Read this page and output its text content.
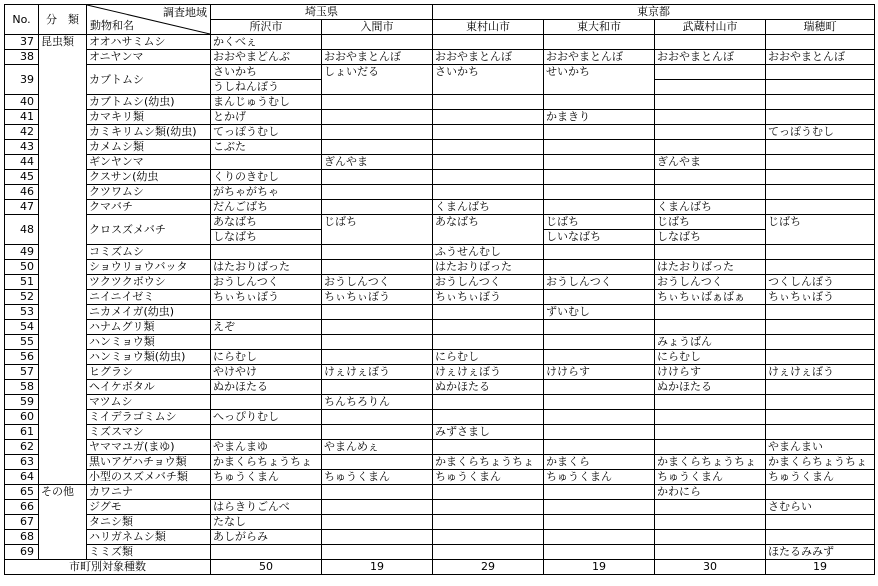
No.	分　類	調査地域
動物和名	埼玉県		東京都			
			所沢市	入間市	東村山市	東大和市	武蔵村山市	瑞穂町
37	昆虫類	オオハサミムシ	かくべぇ					
38		オニヤンマ	おおやまどんぶ	おおやまとんぼ	おおやまとんぼ	おおやまとんぼ	おおやまとんぼ	おおやまとんぼ
39		カブトムシ	さいかち	しょいだる	さいかち	せいかち		
			うしねんぼう					
40		カブトムシ(幼虫)	まんじゅうむし					
41		カマキリ類	とかげ			かまきり		
42		カミキリムシ類(幼虫)	てっぽうむし					てっぽうむし
43		カメムシ類	こぶた					
44		ギンヤンマ		ぎんやま			ぎんやま	
45		クスサン(幼虫	くりのきむし					
46		クツワムシ	がちゃがちゃ					
47		クマバチ	だんごばち		くまんばち		くまんばち	
48		クロスズメバチ	あなばち	じばち	あなばち	じばち	じばち	じばち
			しなばち			しいなばち	しなばち	
49		コミズムシ			ふうせんむし			
50		ショウリョウバッタ	はたおりばった		はたおりばった		はたおりばった	
51		ツクツクボウシ	おうしんつく	おうしんつく	おうしんつく	おうしんつく	おうしんつく	つくしんぼう
52		ニイニイゼミ	ちぃちぃぼう	ちぃちぃぼう	ちぃちぃぼう		ちぃちぃばぁばぁ	ちぃちぃぼう
53		ニカメイガ(幼虫)				ずいむし		
54		ハナムグリ類	えぞ					
55		ハンミョウ類					みょうばん	
56		ハンミョウ類(幼虫)	にらむし		にらむし		にらむし	
57		ヒグラシ	やけやけ	けぇけぇぼう	けぇけぇぼう	けけらす	けけらす	けぇけぇぼう
58		ヘイケボタル	ぬかほたる		ぬかほたる		ぬかほたる	
59		マツムシ		ちんちろりん				
60		ミイデラゴミムシ	へっぴりむし					
61		ミズスマシ			みずさまし			
62		ヤママユガ(まゆ)	やまんまゆ	やまんめぇ				やまんまい
63		黒いアゲハチョウ類	かまくらちょうちょ		かまくらちょうちょ	かまくら	かまくらちょうちょ	かまくらちょうちょ
64		小型のスズメバチ類	ちゅうくまん	ちゅうくまん	ちゅうくまん	ちゅうくまん	ちゅうくまん	ちゅうくまん
65	その他	カワニナ					かわにら	
66		ジグモ	はらきりごんべ					さむらい
67		タニシ類	たなし					
68		ハリガネムシ類	あしがらみ					
69		ミミズ類						ほたるみみず
市町別対象種数			50	19	29	19	30	19
